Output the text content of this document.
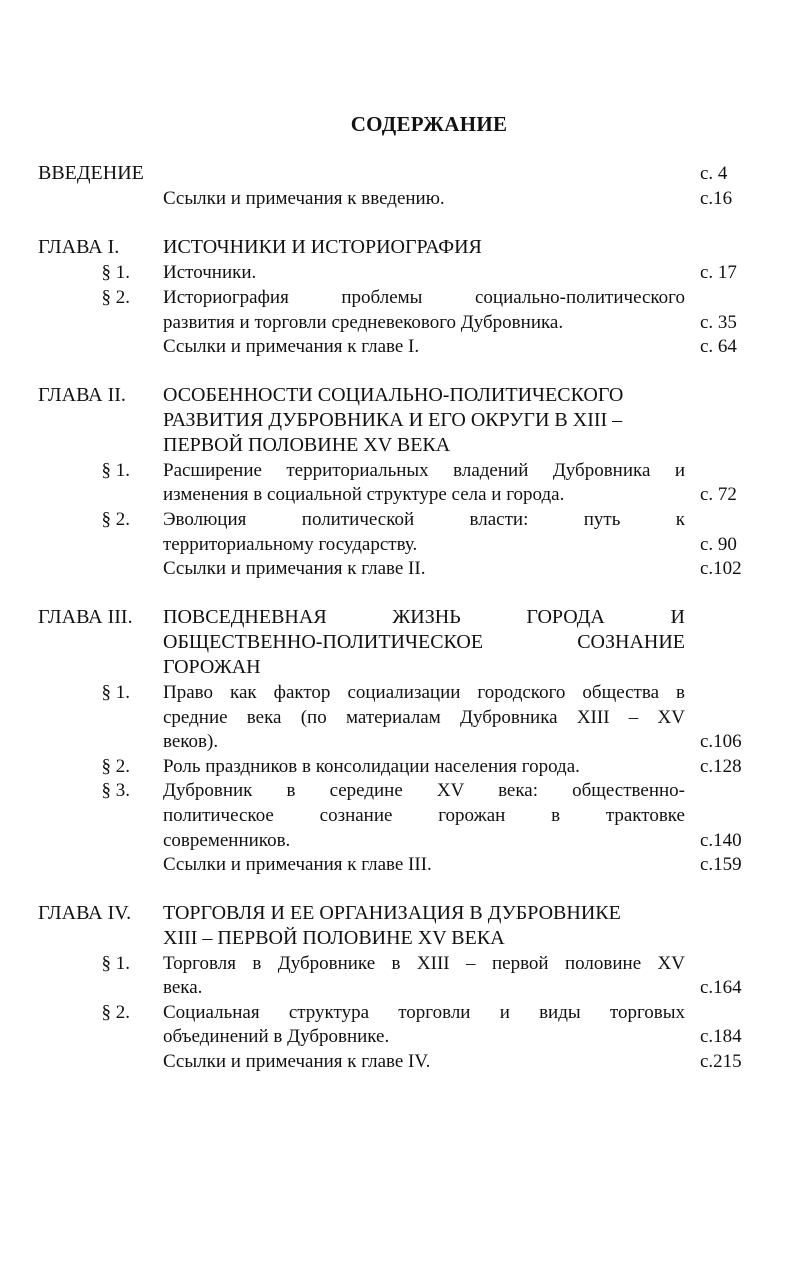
СОДЕРЖАНИЕ
ВВЕДЕНИЕ	с. 4
Ссылки и примечания к введению.	с.16
ГЛАВА I. ИСТОЧНИКИ И ИСТОРИОГРАФИЯ
§ 1. Источники.	с. 17
§ 2. Историография проблемы социально-политического
развития и торговли средневекового Дубровника.	с. 35
Ссылки и примечания к главе I.	с. 64
ГЛАВА II. ОСОБЕННОСТИ СОЦИАЛЬНО-ПОЛИТИЧЕСКОГО
РАЗВИТИЯ ДУБРОВНИКА И ЕГО ОКРУГИ В XIII –
ПЕРВОЙ ПОЛОВИНЕ XV ВЕКА
§ 1. Расширение территориальных владений Дубровника и
изменения в социальной структуре села и города.	с. 72
§ 2. Эволюция политической власти: путь к
территориальному государству.	с. 90
Ссылки и примечания к главе II.	с.102
ГЛАВА III. ПОВСЕДНЕВНАЯ ЖИЗНЬ ГОРОДА И
ОБЩЕСТВЕННО-ПОЛИТИЧЕСКОЕ СОЗНАНИЕ
ГОРОЖАН
§ 1. Право как фактор социализации городского общества в
средние века (по материалам Дубровника XIII – XV
веков).	с.106
§ 2. Роль праздников в консолидации населения города.	с.128
§ 3. Дубровник в середине XV века: общественно-
политическое сознание горожан в трактовке
современников.	с.140
Ссылки и примечания к главе III.	с.159
ГЛАВА IV. ТОРГОВЛЯ И ЕЕ ОРГАНИЗАЦИЯ В ДУБРОВНИКЕ
XIII – ПЕРВОЙ ПОЛОВИНЕ XV ВЕКА
§ 1. Торговля в Дубровнике в XIII – первой половине XV
века.	с.164
§ 2. Социальная структура торговли и виды торговых
объединений в Дубровнике.	с.184
Ссылки и примечания к главе IV.	с.215
